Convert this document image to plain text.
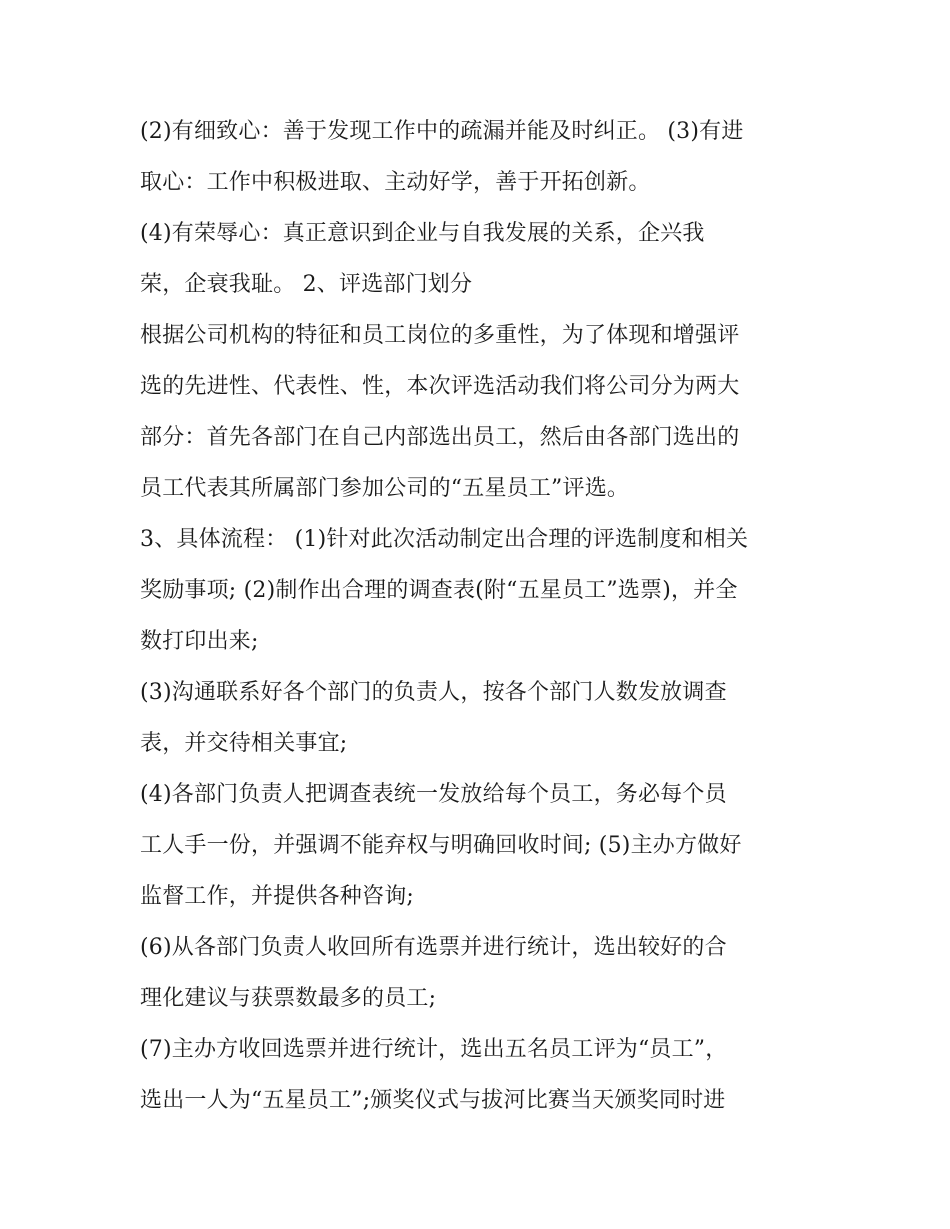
(2)有细致心：善于发现工作中的疏漏并能及时纠正。 (3)有进
取心：工作中积极进取、主动好学，善于开拓创新。
(4)有荣辱心：真正意识到企业与自我发展的关系，企兴我
荣，企衰我耻。 2、评选部门划分
根据公司机构的特征和员工岗位的多重性，为了体现和增强评
选的先进性、代表性、性，本次评选活动我们将公司分为两大
部分：首先各部门在自己内部选出员工，然后由各部门选出的
员工代表其所属部门参加公司的“五星员工”评选。
3、具体流程： (1)针对此次活动制定出合理的评选制度和相关
奖励事项; (2)制作出合理的调查表(附“五星员工”选票)，并全
数打印出来;
(3)沟通联系好各个部门的负责人，按各个部门人数发放调查
表，并交待相关事宜;
(4)各部门负责人把调查表统一发放给每个员工，务必每个员
工人手一份，并强调不能弃权与明确回收时间; (5)主办方做好
监督工作，并提供各种咨询;
(6)从各部门负责人收回所有选票并进行统计，选出较好的合
理化建议与获票数最多的员工;
(7)主办方收回选票并进行统计，选出五名员工评为“员工”，
选出一人为“五星员工”;颁奖仪式与拔河比赛当天颁奖同时进
